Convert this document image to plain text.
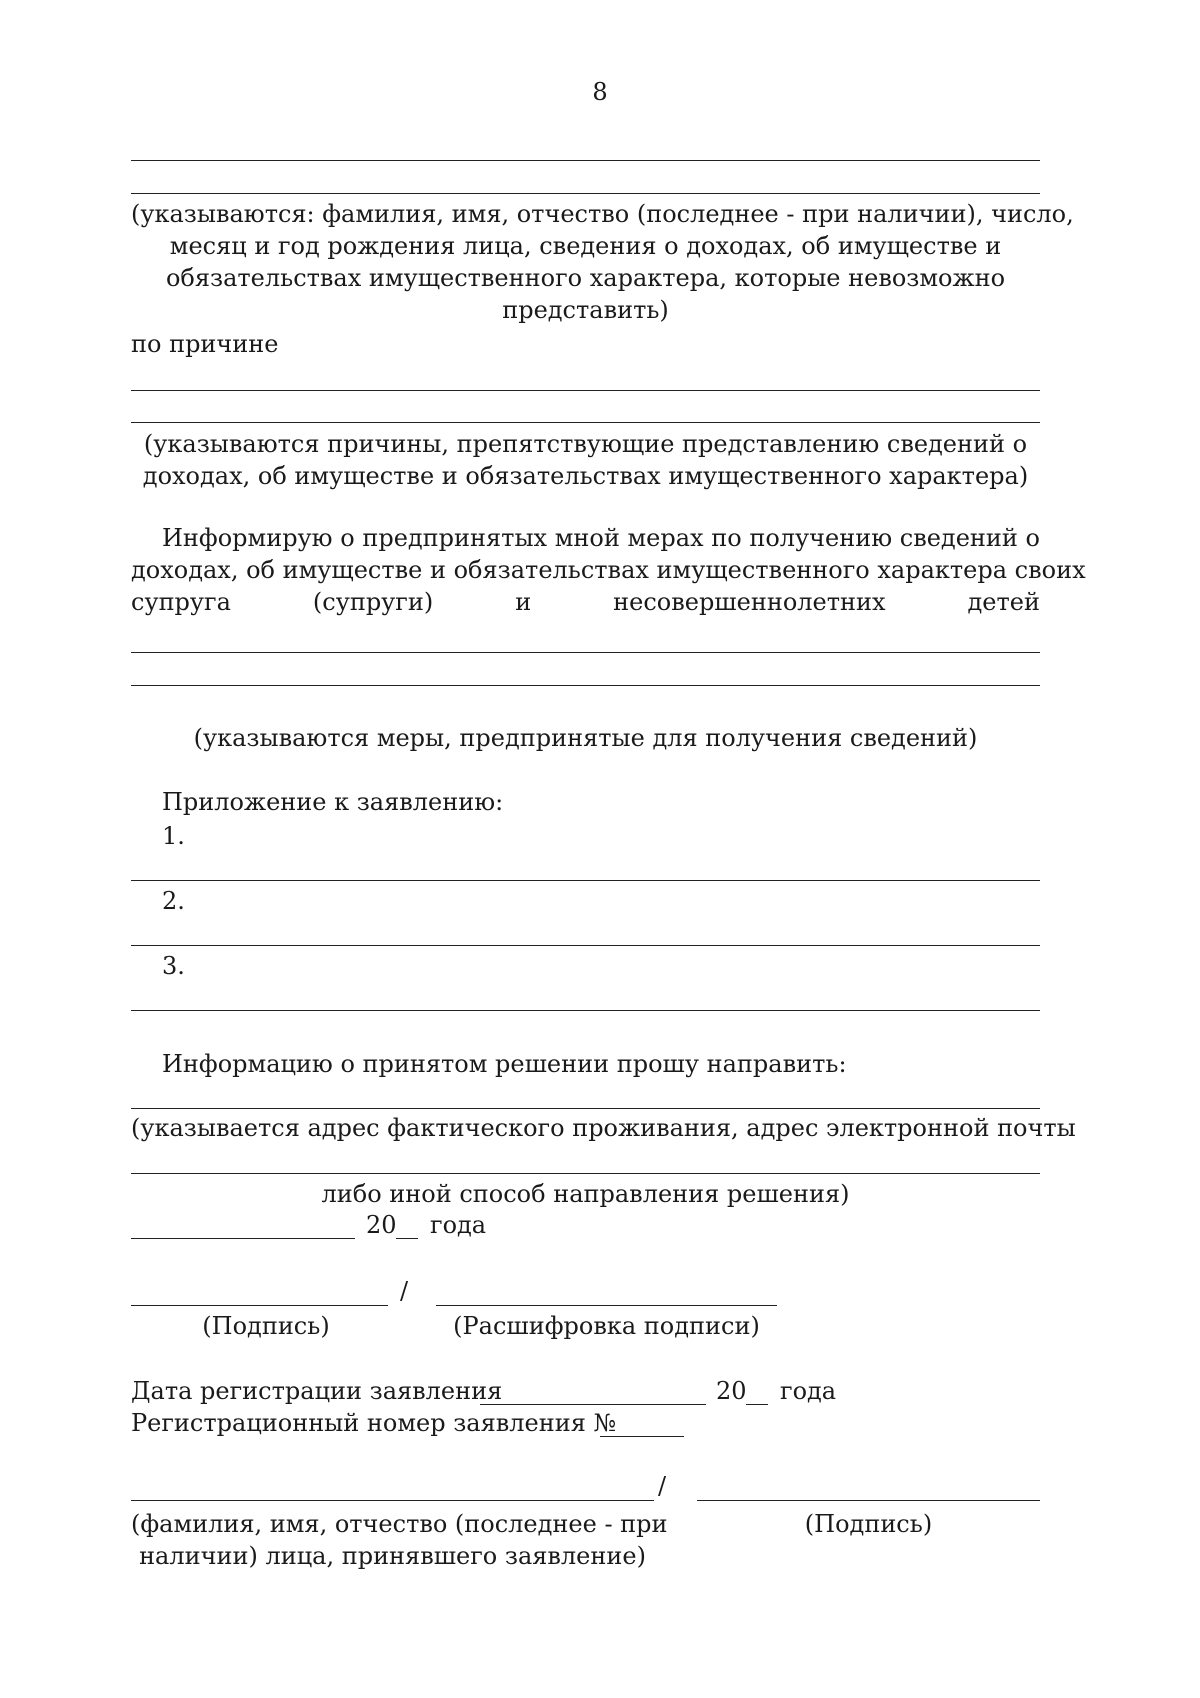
8
(указываются: фамилия, имя, отчество (последнее - при наличии), число,
месяц и год рождения лица, сведения о доходах, об имуществе и
обязательствах имущественного характера, которые невозможно
представить)
по причине
(указываются причины, препятствующие представлению сведений о
доходах, об имуществе и обязательствах имущественного характера)
Информирую о предпринятых мной мерах по получению сведений о
доходах, об имуществе и обязательствах имущественного характера своих
супруга	(супруги)	и	несовершеннолетних	детей
(указываются меры, предпринятые для получения сведений)
Приложение к заявлению:
1.
2.
3.
Информацию о принятом решении прошу направить:
(указывается адрес фактического проживания, адрес электронной почты
либо иной способ направления решения)
20 года
/
(Подпись)	(Расшифровка подписи)
Дата регистрации заявления	20 года
Регистрационный номер заявления №
/
(фамилия, имя, отчество (последнее - при
наличии) лица, принявшего заявление)
(Подпись)
